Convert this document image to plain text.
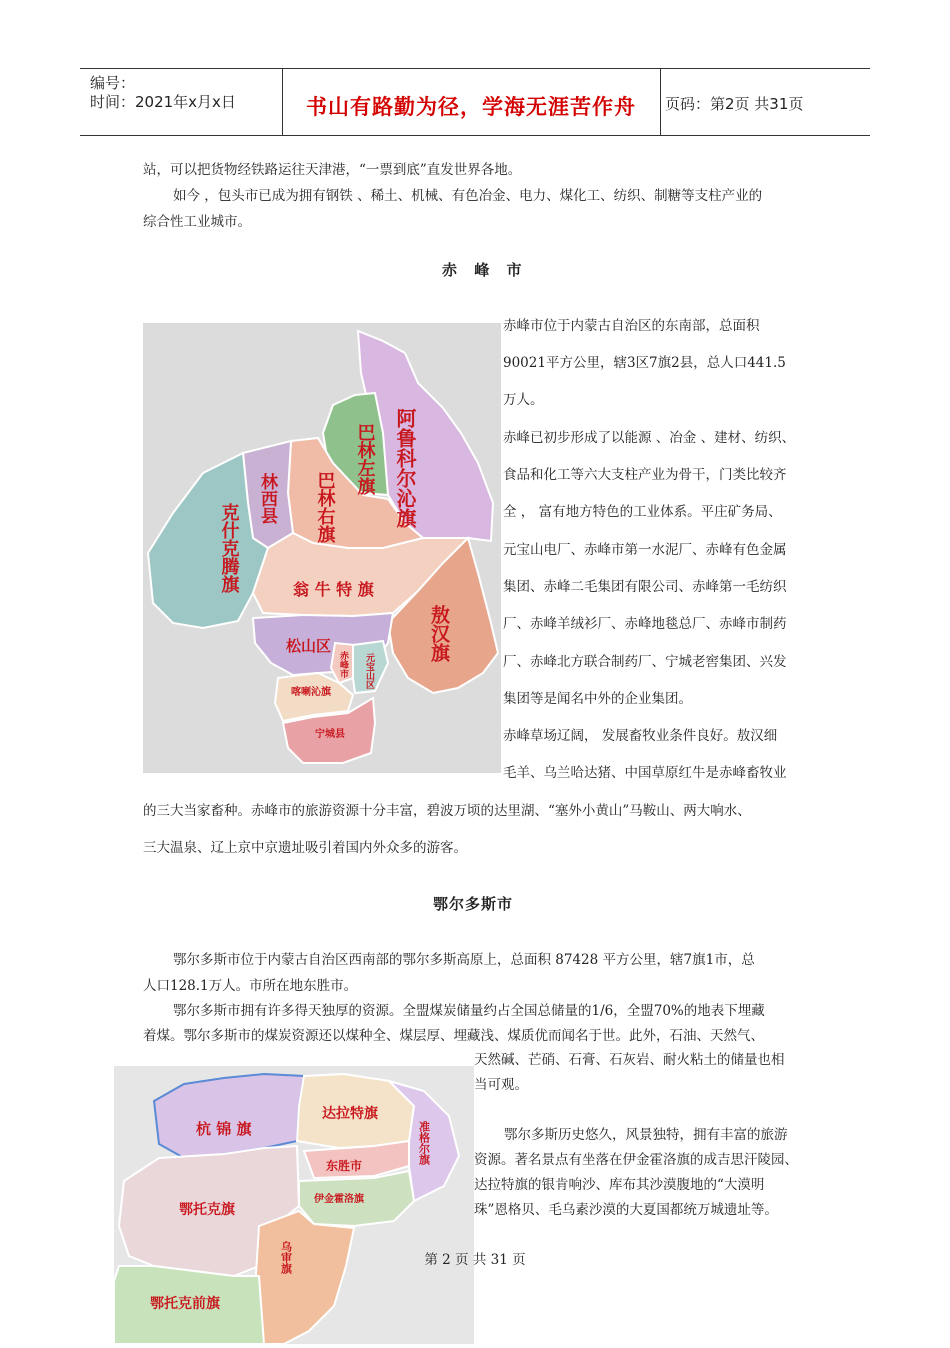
编号：
时间：2021年x月x日	书山有路勤为径，学海无涯苦作舟	页码：第2页 共31页
站，可以把货物经铁路运往天津港，“一票到底”直发世界各地。
如今 ，包头市已成为拥有钢铁 、稀土、机械、有色冶金、电力、煤化工、纺织、制糖等支柱产业的
综合性工业城市。
赤 峰 市
阿鲁科尔沁旗
巴林左旗
巴林右旗
林西县
克什克腾旗	翁 牛 特 旗
敖汉旗
松山区
赤峰市 元宝山区
喀喇沁旗
宁城县
赤峰市位于内蒙古自治区的东南部，总面积
90021平方公里，辖3区7旗2县，总人口441.5
万人。
赤峰已初步形成了以能源 、冶金 、建材、纺织、
食品和化工等六大支柱产业为骨干，门类比较齐
全 ， 富有地方特色的工业体系。平庄矿务局、
元宝山电厂、赤峰市第一水泥厂、赤峰有色金属
集团、赤峰二毛集团有限公司、赤峰第一毛纺织
厂、赤峰羊绒衫厂、赤峰地毯总厂、赤峰市制药
厂、赤峰北方联合制药厂、宁城老窖集团、兴发
集团等是闻名中外的企业集团。
赤峰草场辽阔， 发展畜牧业条件良好。敖汉细
毛羊、乌兰哈达猪、中国草原红牛是赤峰畜牧业
的三大当家畜种。赤峰市的旅游资源十分丰富，碧波万顷的达里湖、“塞外小黄山”马鞍山、两大响水、
三大温泉、辽上京中京遗址吸引着国内外众多的游客。
鄂尔多斯市
鄂尔多斯市位于内蒙古自治区西南部的鄂尔多斯高原上，总面积 87428 平方公里，辖7旗1市，总
人口128.1万人。市所在地东胜市。
鄂尔多斯市拥有许多得天独厚的资源。全盟煤炭储量约占全国总储量的1/6，全盟70%的地表下埋藏
着煤。鄂尔多斯市的煤炭资源还以煤种全、煤层厚、埋藏浅、煤质优而闻名于世。此外，石油、天然气、
天然碱、芒硝、石膏、石灰岩、耐火粘土的储量也相
当可观。
鄂尔多斯历史悠久，风景独特，拥有丰富的旅游
资源。著名景点有坐落在伊金霍洛旗的成吉思汗陵园、
达拉特旗的银肯响沙、库布其沙漠腹地的“大漠明
珠”恩格贝、毛乌素沙漠的大夏国都统万城遗址等。
杭 锦 旗
达拉特旗
准格尔旗
东胜市
伊金霍洛旗
鄂托克旗
乌审旗
鄂托克前旗
第 2 页 共 31 页
